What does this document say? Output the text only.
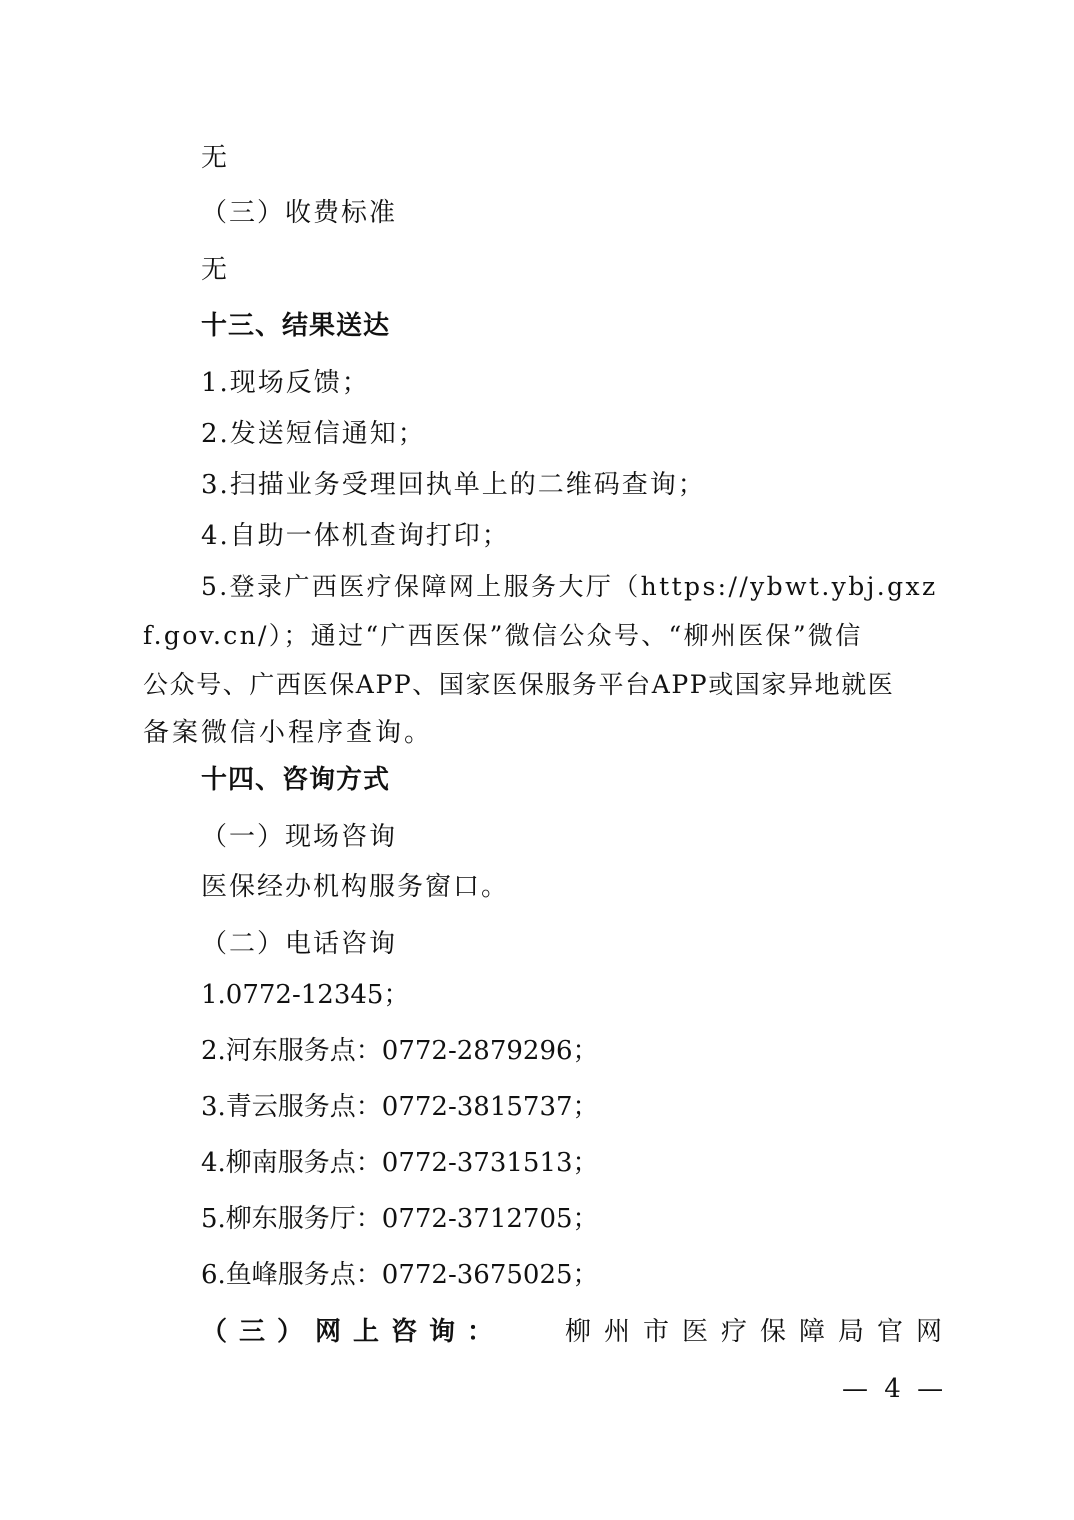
无
（三）收费标准
无
十三、结果送达
1.现场反馈；
2.发送短信通知；
3.扫描业务受理回执单上的二维码查询；
4.自助一体机查询打印；
5.登录广西医疗保障网上服务大厅（https://ybwt.ybj.gxz
f.gov.cn/）；通过“广西医保”微信公众号、“柳州医保”微信
公众号、广西医保APP、国家医保服务平台APP或国家异地就医
备案微信小程序查询。
十四、咨询方式
（一）现场咨询
医保经办机构服务窗口。
（二）电话咨询
1.0772-12345；
2.河东服务点：0772-2879296；
3.青云服务点：0772-3815737；
4.柳南服务点：0772-3731513；
5.柳东服务厅：0772-3712705；
6.鱼峰服务点：0772-3675025；
（三）网上咨询： 柳州市医疗保障局官网
— 4 —
